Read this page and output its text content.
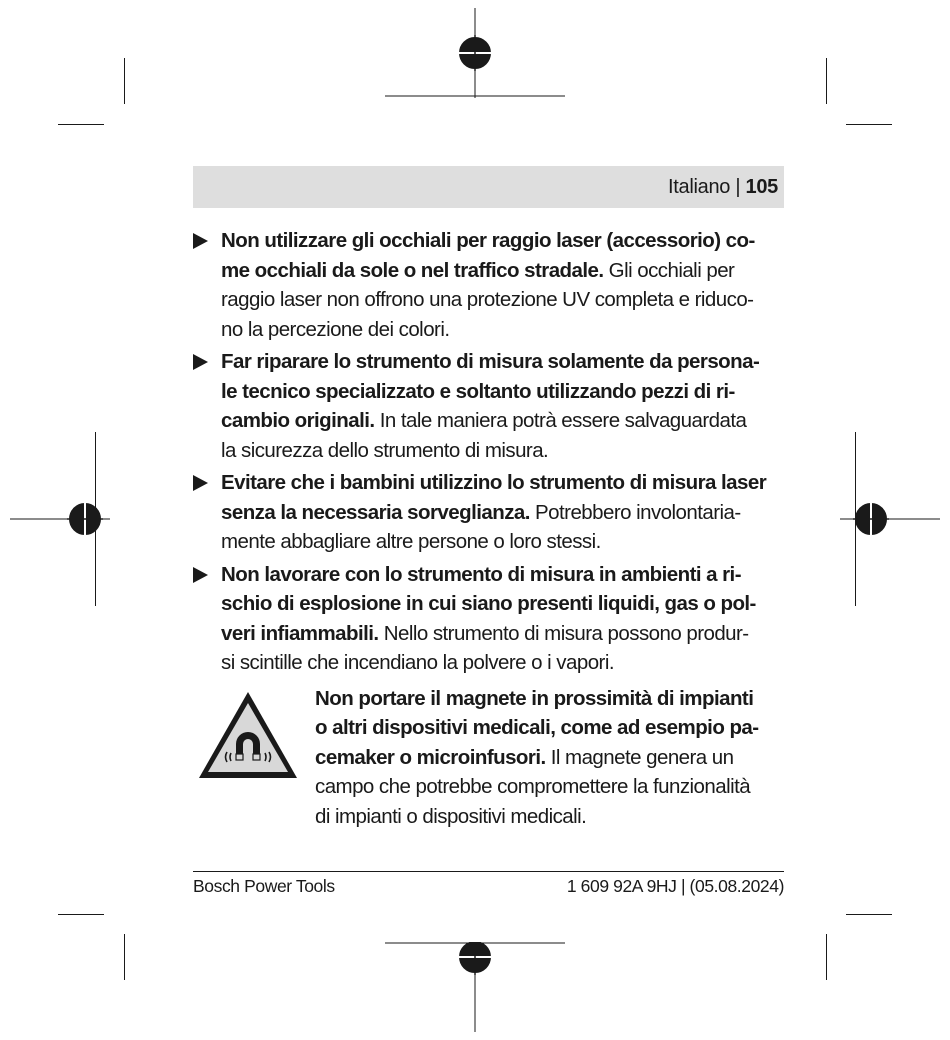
Italiano | 105
Non utilizzare gli occhiali per raggio laser (accessorio) co-
me occhiali da sole o nel traffico stradale. Gli occhiali per
raggio laser non offrono una protezione UV completa e riduco-
no la percezione dei colori.
Far riparare lo strumento di misura solamente da persona-
le tecnico specializzato e soltanto utilizzando pezzi di ri-
cambio originali. In tale maniera potrà essere salvaguardata
la sicurezza dello strumento di misura.
Evitare che i bambini utilizzino lo strumento di misura laser
senza la necessaria sorveglianza. Potrebbero involontaria-
mente abbagliare altre persone o loro stessi.
Non lavorare con lo strumento di misura in ambienti a ri-
schio di esplosione in cui siano presenti liquidi, gas o pol-
veri infiammabili. Nello strumento di misura possono produr-
si scintille che incendiano la polvere o i vapori.
Non portare il magnete in prossimità di impianti
o altri dispositivi medicali, come ad esempio pa-
cemaker o microinfusori. Il magnete genera un
campo che potrebbe compromettere la funzionalità
di impianti o dispositivi medicali.
Bosch Power Tools	1 609 92A 9HJ | (05.08.2024)
